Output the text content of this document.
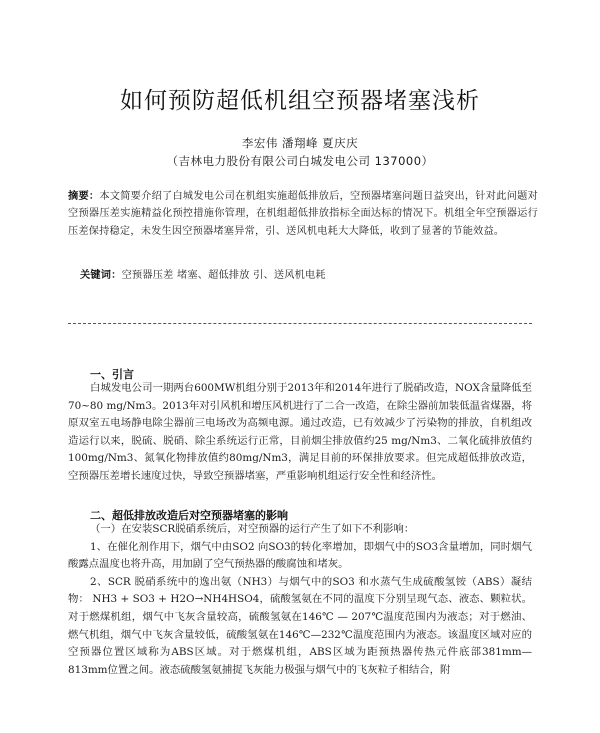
如何预防超低机组空预器堵塞浅析
李宏伟 潘翔峰 夏庆庆
（吉林电力股份有限公司白城发电公司 137000）
摘要：本文简要介绍了白城发电公司在机组实施超低排放后，空预器堵塞问题日益突出，针对此问题对空预器压差实施精益化预控措施你管理，在机组超低排放指标全面达标的情况下。机组全年空预器运行压差保持稳定，未发生因空预器堵塞异常，引、送风机电耗大大降低，收到了显著的节能效益。
关键词：空预器压差 堵塞、超低排放 引、送风机电耗
一、引言

白城发电公司一期两台600MW机组分别于2013年和2014年进行了脱硝改造，NOX含量降低至70~80 mg/Nm3。2013年对引风机和增压风机进行了二合一改造，在除尘器前加装低温省煤器，将原双室五电场静电除尘器前三电场改为高频电源。通过改造，已有效减少了污染物的排放，自机组改造运行以来，脱硫、脱硝、除尘系统运行正常，目前烟尘排放值约25 mg/Nm3、二氧化硫排放值约100mg/Nm3、氮氧化物排放值约80mg/Nm3，满足目前的环保排放要求。但完成超低排放改造，空预器压差增长速度过快，导致空预器堵塞，严重影响机组运行安全性和经济性。

二、超低排放改造后对空预器堵塞的影响

（一）在安装SCR脱硝系统后，对空预器的运行产生了如下不利影响：

1、在催化剂作用下，烟气中由SO2 向SO3的转化率增加，即烟气中的SO3含量增加，同时烟气酸露点温度也将升高，用加剧了空气预热器的酸腐蚀和堵灰。

2、SCR 脱硝系统中的逸出氨（NH3）与烟气中的SO3 和水蒸气生成硫酸氢铵（ABS）凝结物： NH3 + SO3 + H2O→NH4HSO4，硫酸氢氨在不同的温度下分别呈现气态、液态、颗粒状。对于燃煤机组，烟气中飞灰含量较高，硫酸氢氨在146℃ — 207℃温度范围内为液态；对于燃油、燃气机组，烟气中飞灰含量较低，硫酸氢氨在146℃—232℃温度范围内为液态。该温度区域对应的空预器位置区域称为ABS区域。对于燃煤机组，ABS区域为距预热器传热元件底部381mm—813mm位置之间。液态硫酸氢氨捕捉飞灰能力极强与烟气中的飞灰粒子相结合，附
